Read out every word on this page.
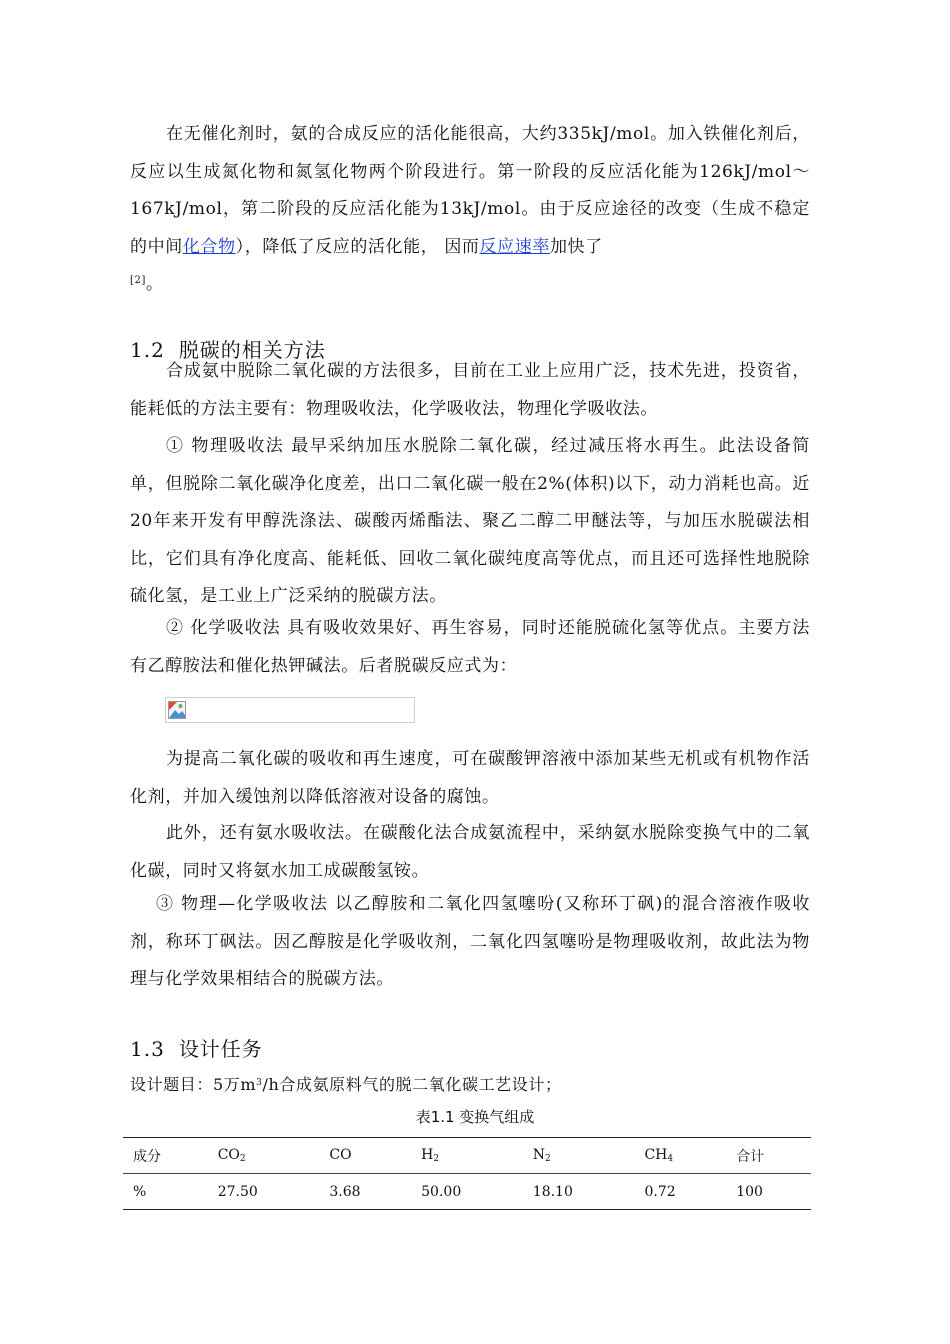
在无催化剂时，氨的合成反应的活化能很高，大约335kJ/mol。加入铁催化剂后，反应以生成氮化物和氮氢化物两个阶段进行。第一阶段的反应活化能为126kJ/mol～167kJ/mol，第二阶段的反应活化能为13kJ/mol。由于反应途径的改变（生成不稳定的中间化合物），降低了反应的活化能， 因而反应速率加快了
[2]。

1.2 脱碳的相关方法

合成氨中脱除二氧化碳的方法很多，目前在工业上应用广泛，技术先进，投资省，能耗低的方法主要有：物理吸收法，化学吸收法，物理化学吸收法。

① 物理吸收法 最早采纳加压水脱除二氧化碳，经过减压将水再生。此法设备简单，但脱除二氧化碳净化度差，出口二氧化碳一般在2%(体积)以下，动力消耗也高。近20年来开发有甲醇洗涤法、碳酸丙烯酯法、聚乙二醇二甲醚法等，与加压水脱碳法相比，它们具有净化度高、能耗低、回收二氧化碳纯度高等优点，而且还可选择性地脱除硫化氢，是工业上广泛采纳的脱碳方法。

② 化学吸收法 具有吸收效果好、再生容易，同时还能脱硫化氢等优点。主要方法有乙醇胺法和催化热钾碱法。后者脱碳反应式为：

为提高二氧化碳的吸收和再生速度，可在碳酸钾溶液中添加某些无机或有机物作活化剂，并加入缓蚀剂以降低溶液对设备的腐蚀。

此外，还有氨水吸收法。在碳酸化法合成氨流程中，采纳氨水脱除变换气中的二氧化碳，同时又将氨水加工成碳酸氢铵。

③ 物理—化学吸收法 以乙醇胺和二氧化四氢噻吩(又称环丁砜)的混合溶液作吸收剂，称环丁砜法。因乙醇胺是化学吸收剂，二氧化四氢噻吩是物理吸收剂，故此法为物理与化学效果相结合的脱碳方法。

1.3 设计任务

设计题目：5万$m^3/h$合成氨原料气的脱二氧化碳工艺设计；

表1.1 变换气组成

成分	$CO_2$	CO	$H_2$	$N_2$	$CH_4$	合计
%	27.50	3.68	50.00	18.10	0.72	100
